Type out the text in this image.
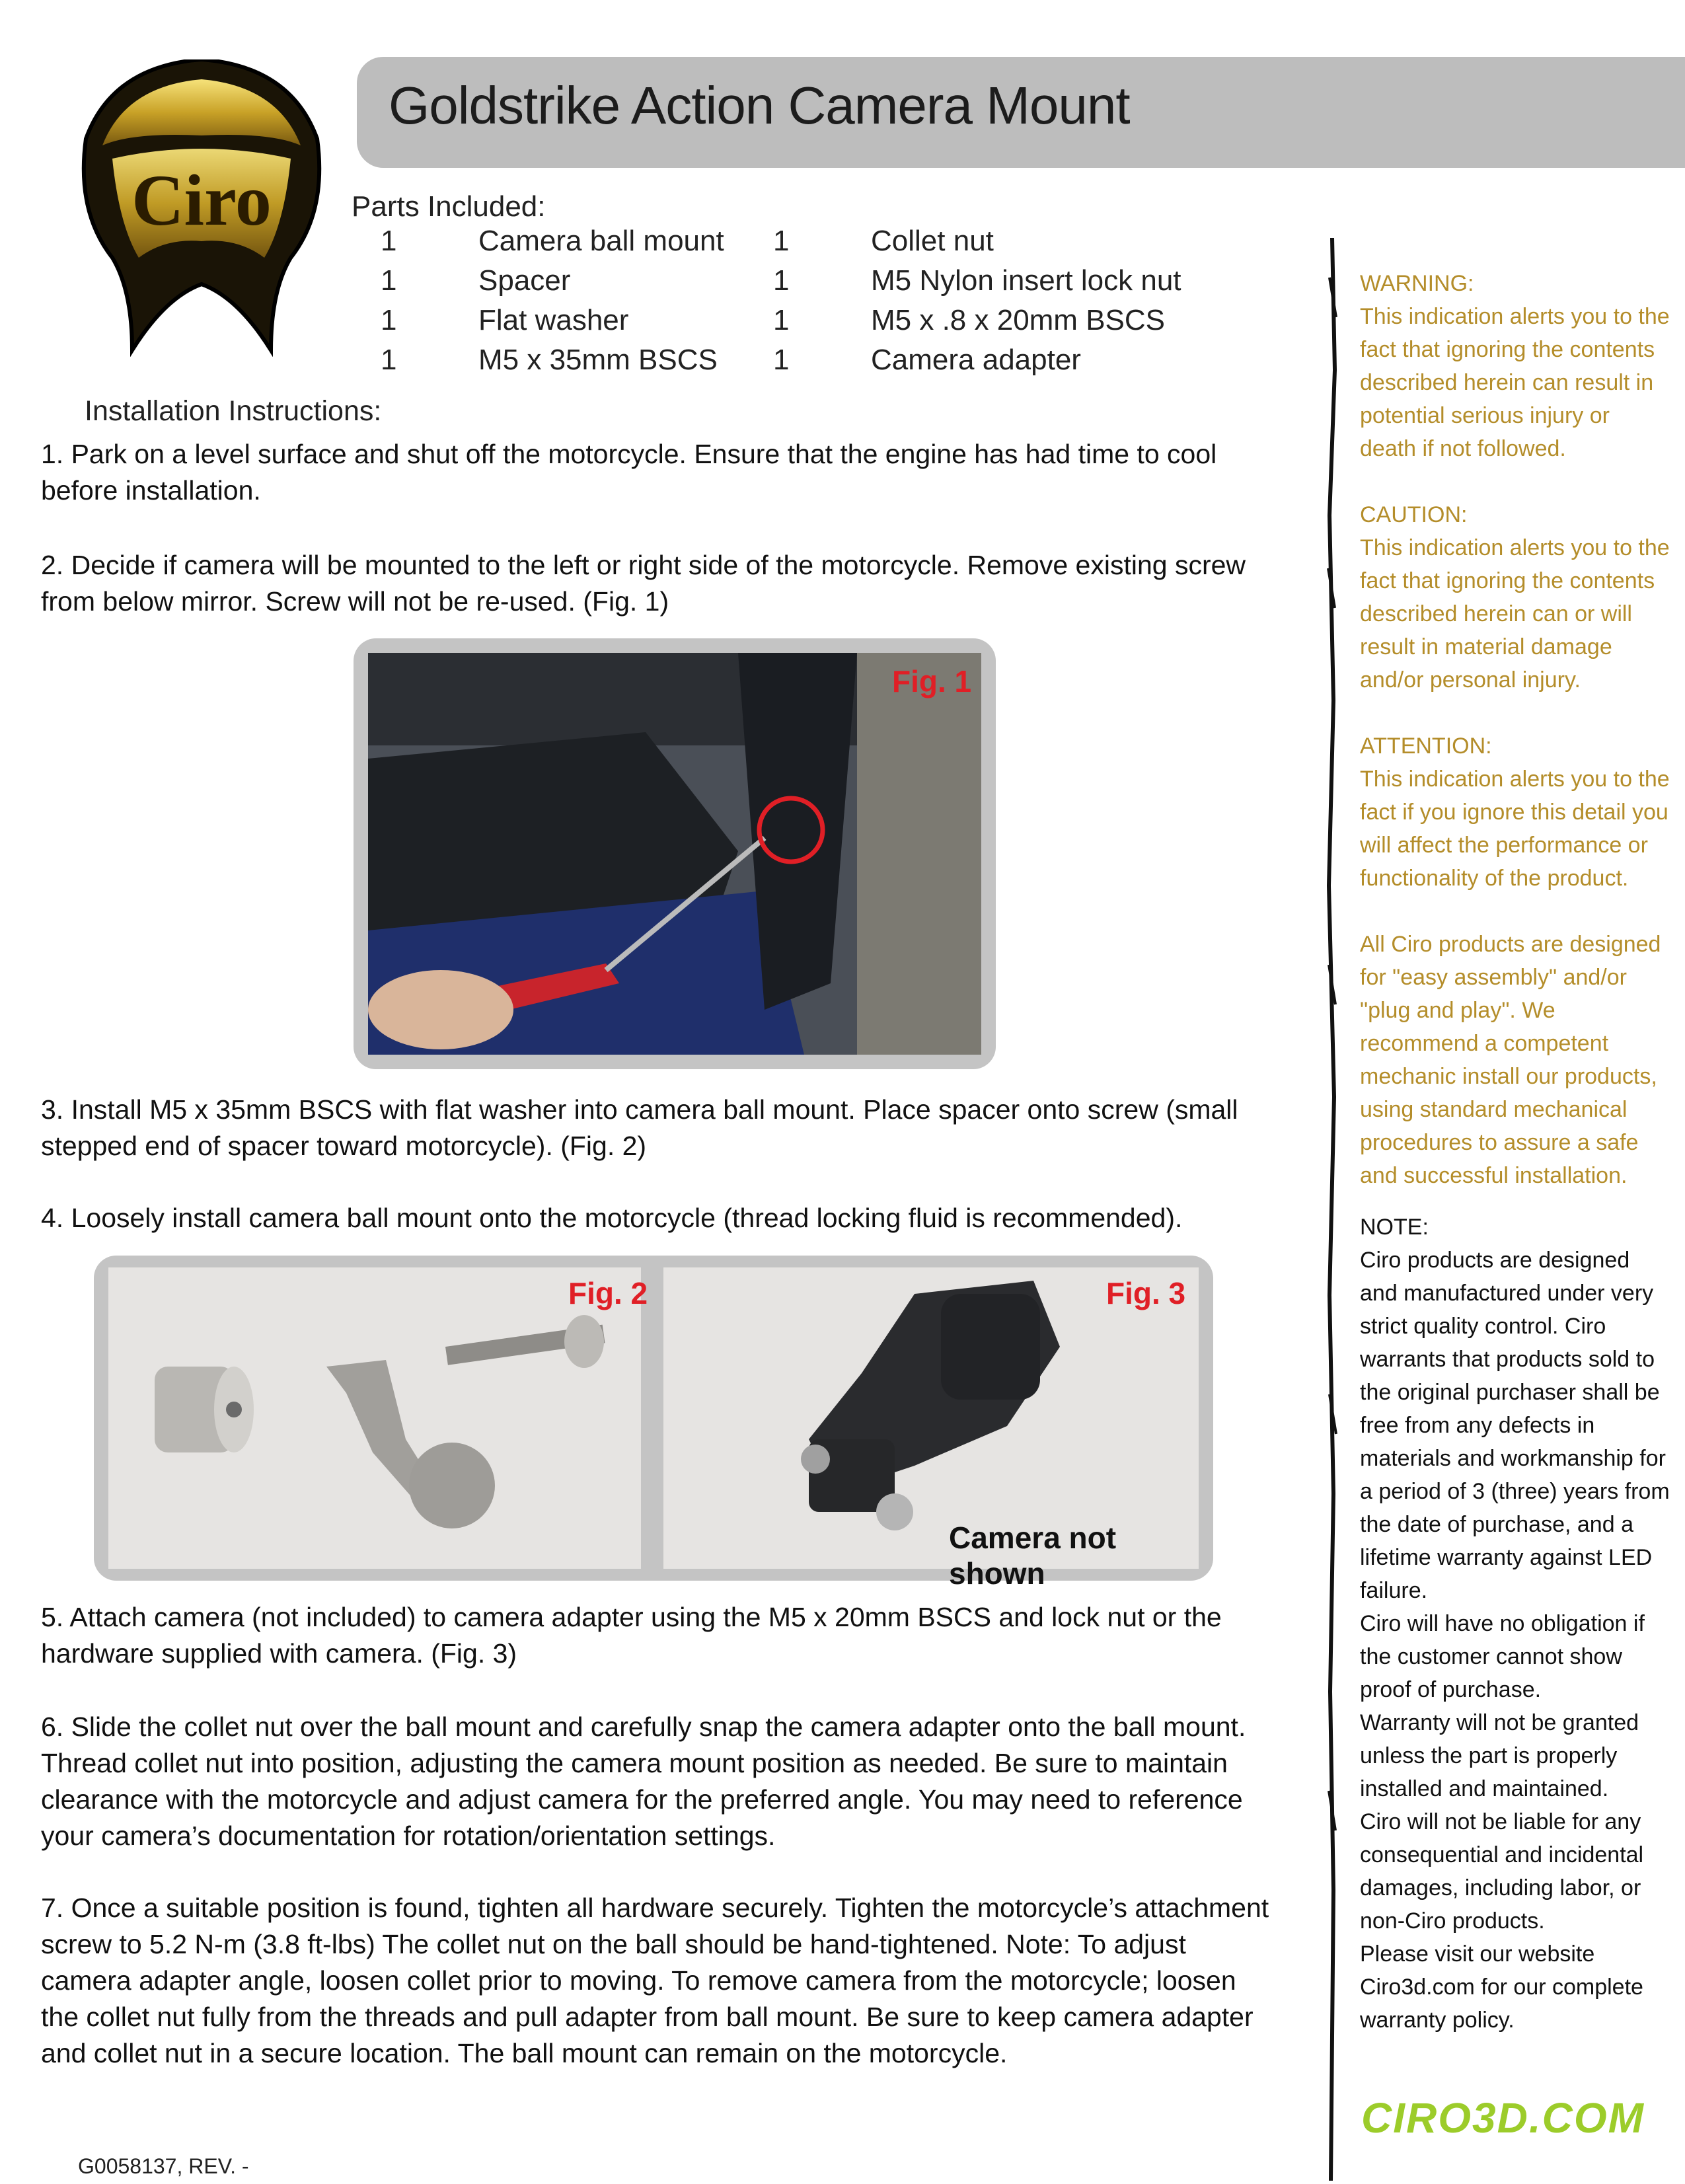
Ciro
Goldstrike Action Camera Mount
Parts Included:
1	Camera ball mount 1	Collet nut
1	Spacer	1	M5 Nylon insert lock nut
1	Flat washer	1	M5 x .8 x 20mm BSCS
1	M5 x 35mm BSCS 1	Camera adapter
Installation Instructions:
1. Park on a level surface and shut off the motorcycle. Ensure that the engine has had time to cool before installation.
2. Decide if camera will be mounted to the left or right side of the motorcycle. Remove existing screw from below mirror. Screw will not be re-used. (Fig. 1)
Fig. 1
3. Install M5 x 35mm BSCS with flat washer into camera ball mount. Place spacer onto screw (small stepped end of spacer toward motorcycle). (Fig. 2)
4. Loosely install camera ball mount onto the motorcycle (thread locking fluid is recommended).
Fig. 2	Fig. 3
Camera not shown
5. Attach camera (not included) to camera adapter using the M5 x 20mm BSCS and lock nut or the hardware supplied with camera. (Fig. 3)
6. Slide the collet nut over the ball mount and carefully snap the camera adapter onto the ball mount. Thread collet nut into position, adjusting the camera mount position as needed. Be sure to maintain clearance with the motorcycle and adjust camera for the preferred angle. You may need to reference your camera’s documentation for rotation/orientation settings.
7. Once a suitable position is found, tighten all hardware securely. Tighten the motorcycle’s attachment screw to 5.2 N-m (3.8 ft-lbs) The collet nut on the ball should be hand-tightened. Note: To adjust camera adapter angle, loosen collet prior to moving. To remove camera from the motorcycle; loosen the collet nut fully from the threads and pull adapter from ball mount. Be sure to keep camera adapter and collet nut in a secure location. The ball mount can remain on the motorcycle.
WARNING:
This indication alerts you to the fact that ignoring the contents described herein can result in potential serious injury or death if not followed.
CAUTION:
This indication alerts you to the fact that ignoring the contents described herein can or will result in material damage and/or personal injury.
ATTENTION:
This indication alerts you to the fact if you ignore this detail you will affect the performance or functionality of the product.
All Ciro products are designed for "easy assembly" and/or "plug and play". We recommend a competent mechanic install our products, using standard mechanical procedures to assure a safe and successful installation.
NOTE:
Ciro products are designed and manufactured under very strict quality control. Ciro warrants that products sold to the original purchaser shall be free from any defects in materials and workmanship for a period of 3 (three) years from the date of purchase, and a lifetime warranty against LED failure.
Ciro will have no obligation if the customer cannot show proof of purchase.
Warranty will not be granted unless the part is properly installed and maintained.
Ciro will not be liable for any consequential and incidental damages, including labor, or non-Ciro products.
Please visit our website Ciro3d.com for our complete warranty policy.
G0058137, REV. -
CIRO3D.COM
